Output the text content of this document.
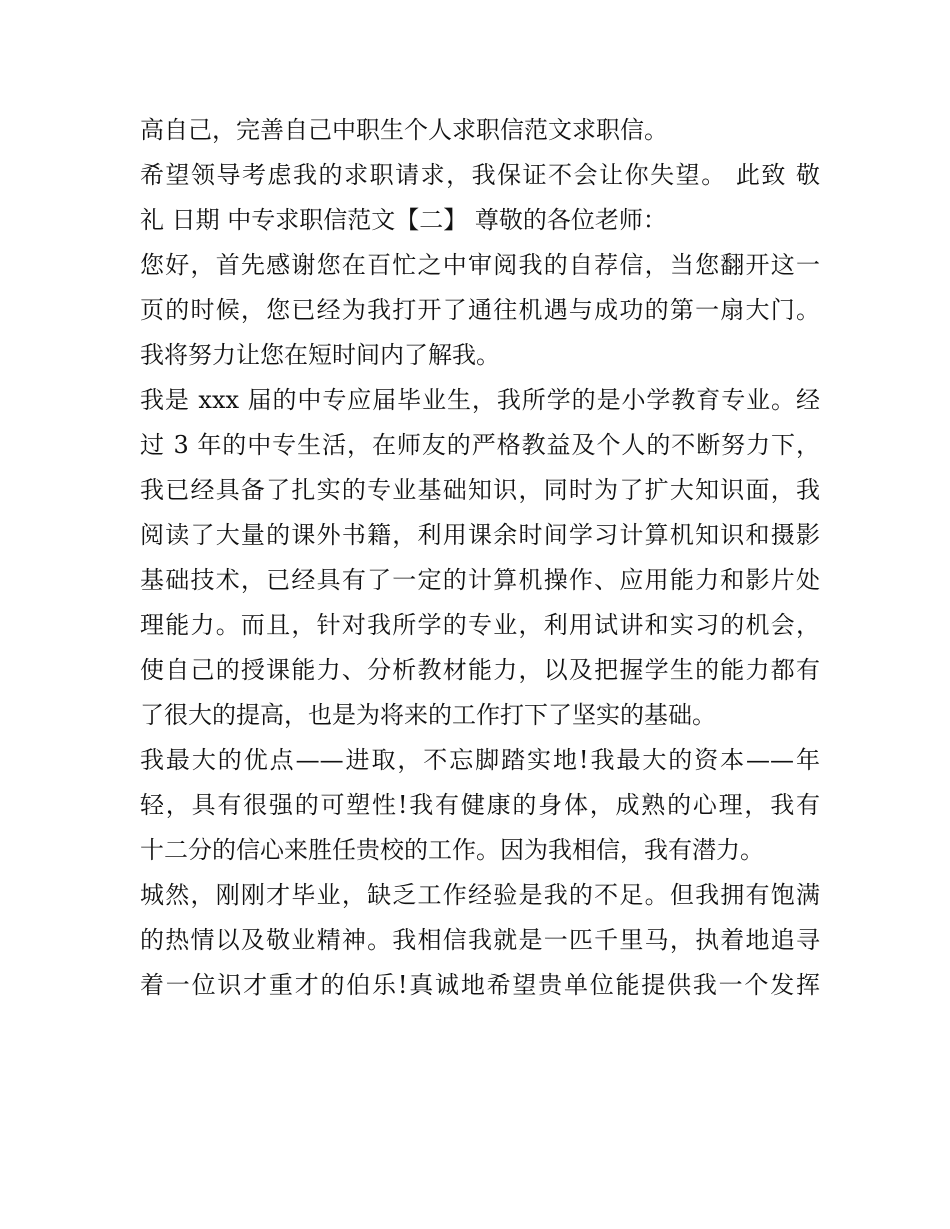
高自己，完善自己中职生个人求职信范文求职信。
希望领导考虑我的求职请求，我保证不会让你失望。 此致 敬
礼 日期 中专求职信范文【二】 尊敬的各位老师：
您好，首先感谢您在百忙之中审阅我的自荐信，当您翻开这一
页的时候，您已经为我打开了通往机遇与成功的第一扇大门。
我将努力让您在短时间内了解我。
我是 xxx 届的中专应届毕业生，我所学的是小学教育专业。经
过 3 年的中专生活，在师友的严格教益及个人的不断努力下，
我已经具备了扎实的专业基础知识，同时为了扩大知识面，我
阅读了大量的课外书籍，利用课余时间学习计算机知识和摄影
基础技术，已经具有了一定的计算机操作、应用能力和影片处
理能力。而且，针对我所学的专业，利用试讲和实习的机会，
使自己的授课能力、分析教材能力，以及把握学生的能力都有
了很大的提高，也是为将来的工作打下了坚实的基础。
我最大的优点——进取，不忘脚踏实地!我最大的资本——年
轻，具有很强的可塑性!我有健康的身体，成熟的心理，我有
十二分的信心来胜任贵校的工作。因为我相信，我有潜力。
城然，刚刚才毕业，缺乏工作经验是我的不足。但我拥有饱满
的热情以及敬业精神。我相信我就是一匹千里马，执着地追寻
着一位识才重才的伯乐!真诚地希望贵单位能提供我一个发挥
